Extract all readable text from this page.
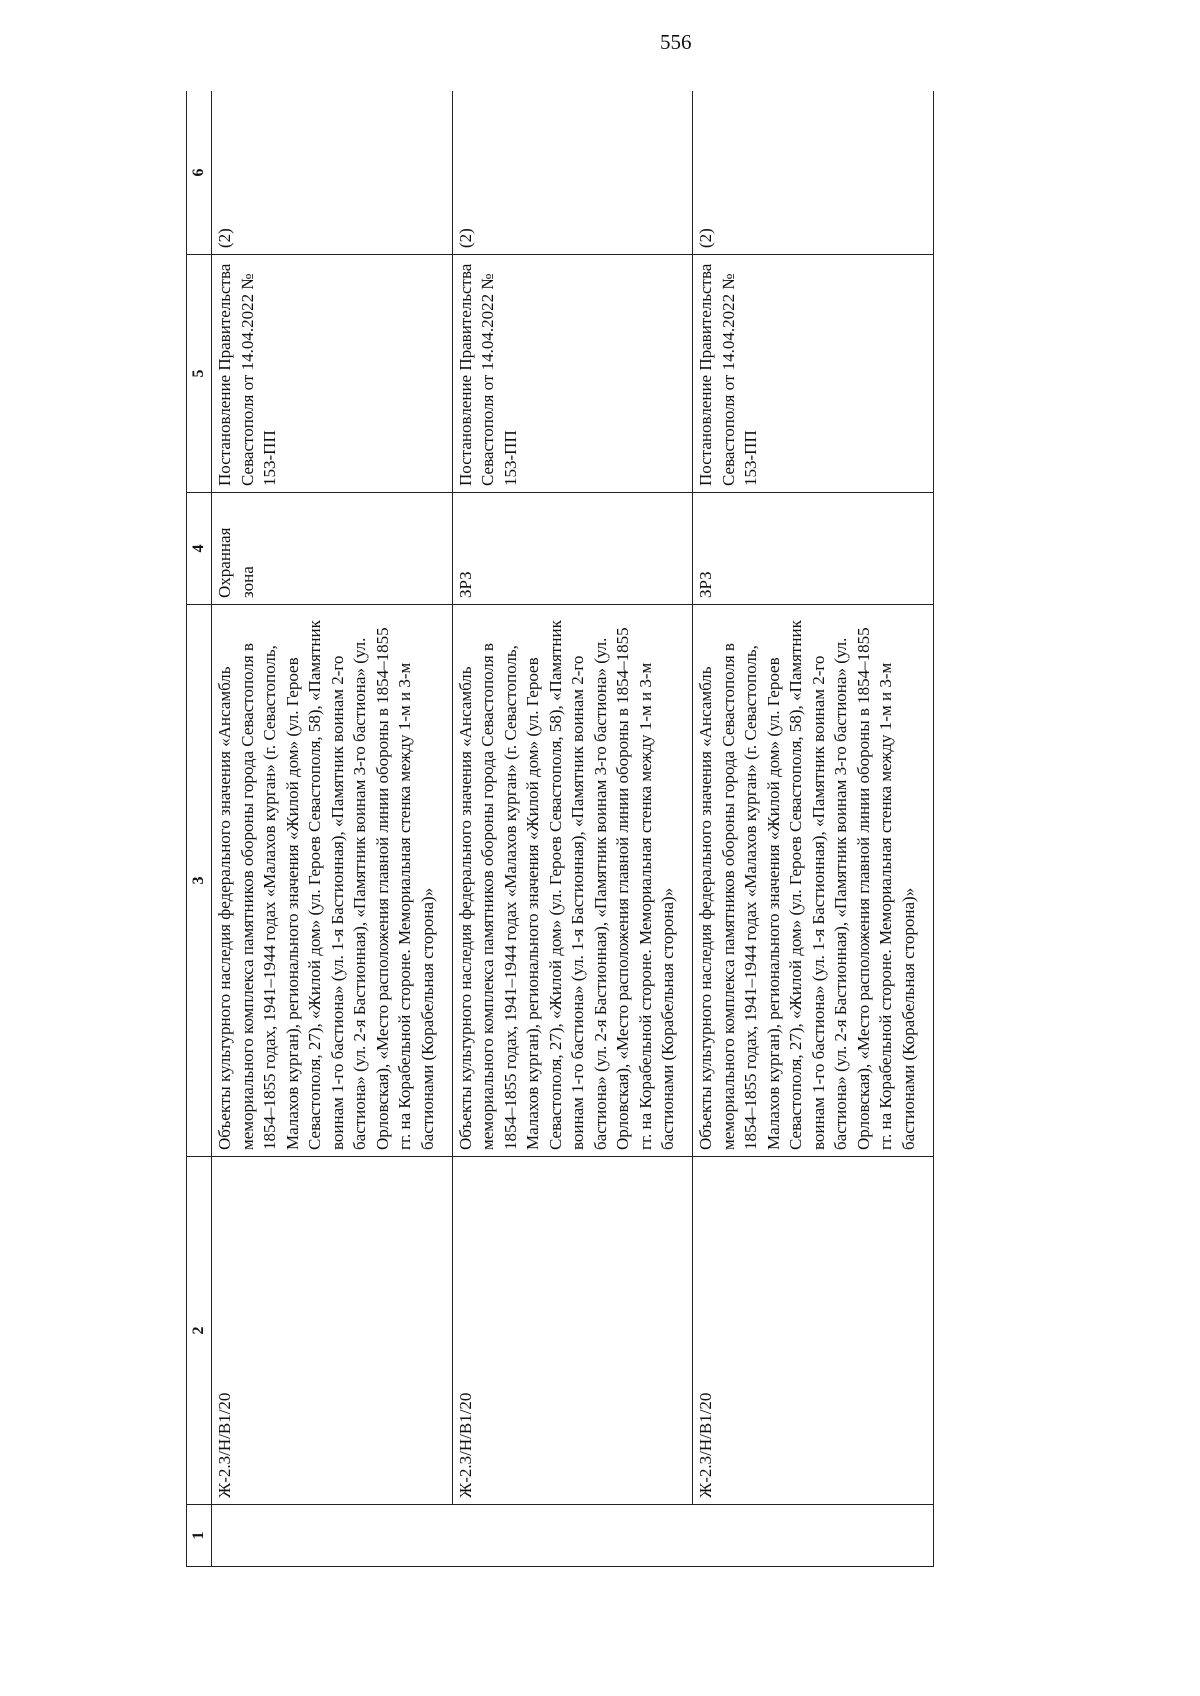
556
1	2	3	4	5	6
	Ж-2.3/Н/В1/20	Объекты культурного наследия федерального значения «Ансамбль мемориального комплекса памятников обороны города Севастополя в 1854–1855 годах, 1941–1944 годах «Малахов курган» (г. Севастополь, Малахов курган), регионального значения «Жилой дом» (ул. Героев Севастополя, 27), «Жилой дом» (ул. Героев Севастополя, 58), «Памятник воинам 1-го бастиона» (ул. 1-я Бастионная), «Памятник воинам 2-го бастиона» (ул. 2-я Бастионная), «Памятник воинам 3-го бастиона» (ул. Орловская), «Место расположения главной линии обороны в 1854–1855 гг. на Корабельной стороне. Мемориальная стенка между 1-м и 3-м бастионами (Корабельная сторона)»	Охранная зона	Постановление Правительства Севастополя от 14.04.2022 № 153-ПП	(2)
	Ж-2.3/Н/В1/20	Объекты культурного наследия федерального значения «Ансамбль мемориального комплекса памятников обороны города Севастополя в 1854–1855 годах, 1941–1944 годах «Малахов курган» (г. Севастополь, Малахов курган), регионального значения «Жилой дом» (ул. Героев Севастополя, 27), «Жилой дом» (ул. Героев Севастополя, 58), «Памятник воинам 1-го бастиона» (ул. 1-я Бастионная), «Памятник воинам 2-го бастиона» (ул. 2-я Бастионная), «Памятник воинам 3-го бастиона» (ул. Орловская), «Место расположения главной линии обороны в 1854–1855 гг. на Корабельной стороне. Мемориальная стенка между 1-м и 3-м бастионами (Корабельная сторона)»	ЗРЗ	Постановление Правительства Севастополя от 14.04.2022 № 153-ПП	(2)
	Ж-2.3/Н/В1/20	Объекты культурного наследия федерального значения «Ансамбль мемориального комплекса памятников обороны города Севастополя в 1854–1855 годах, 1941–1944 годах «Малахов курган» (г. Севастополь, Малахов курган), регионального значения «Жилой дом» (ул. Героев Севастополя, 27), «Жилой дом» (ул. Героев Севастополя, 58), «Памятник воинам 1-го бастиона» (ул. 1-я Бастионная), «Памятник воинам 2-го бастиона» (ул. 2-я Бастионная), «Памятник воинам 3-го бастиона» (ул. Орловская), «Место расположения главной линии обороны в 1854–1855 гг. на Корабельной стороне. Мемориальная стенка между 1-м и 3-м бастионами (Корабельная сторона)»	ЗРЗ	Постановление Правительства Севастополя от 14.04.2022 № 153-ПП	(2)
